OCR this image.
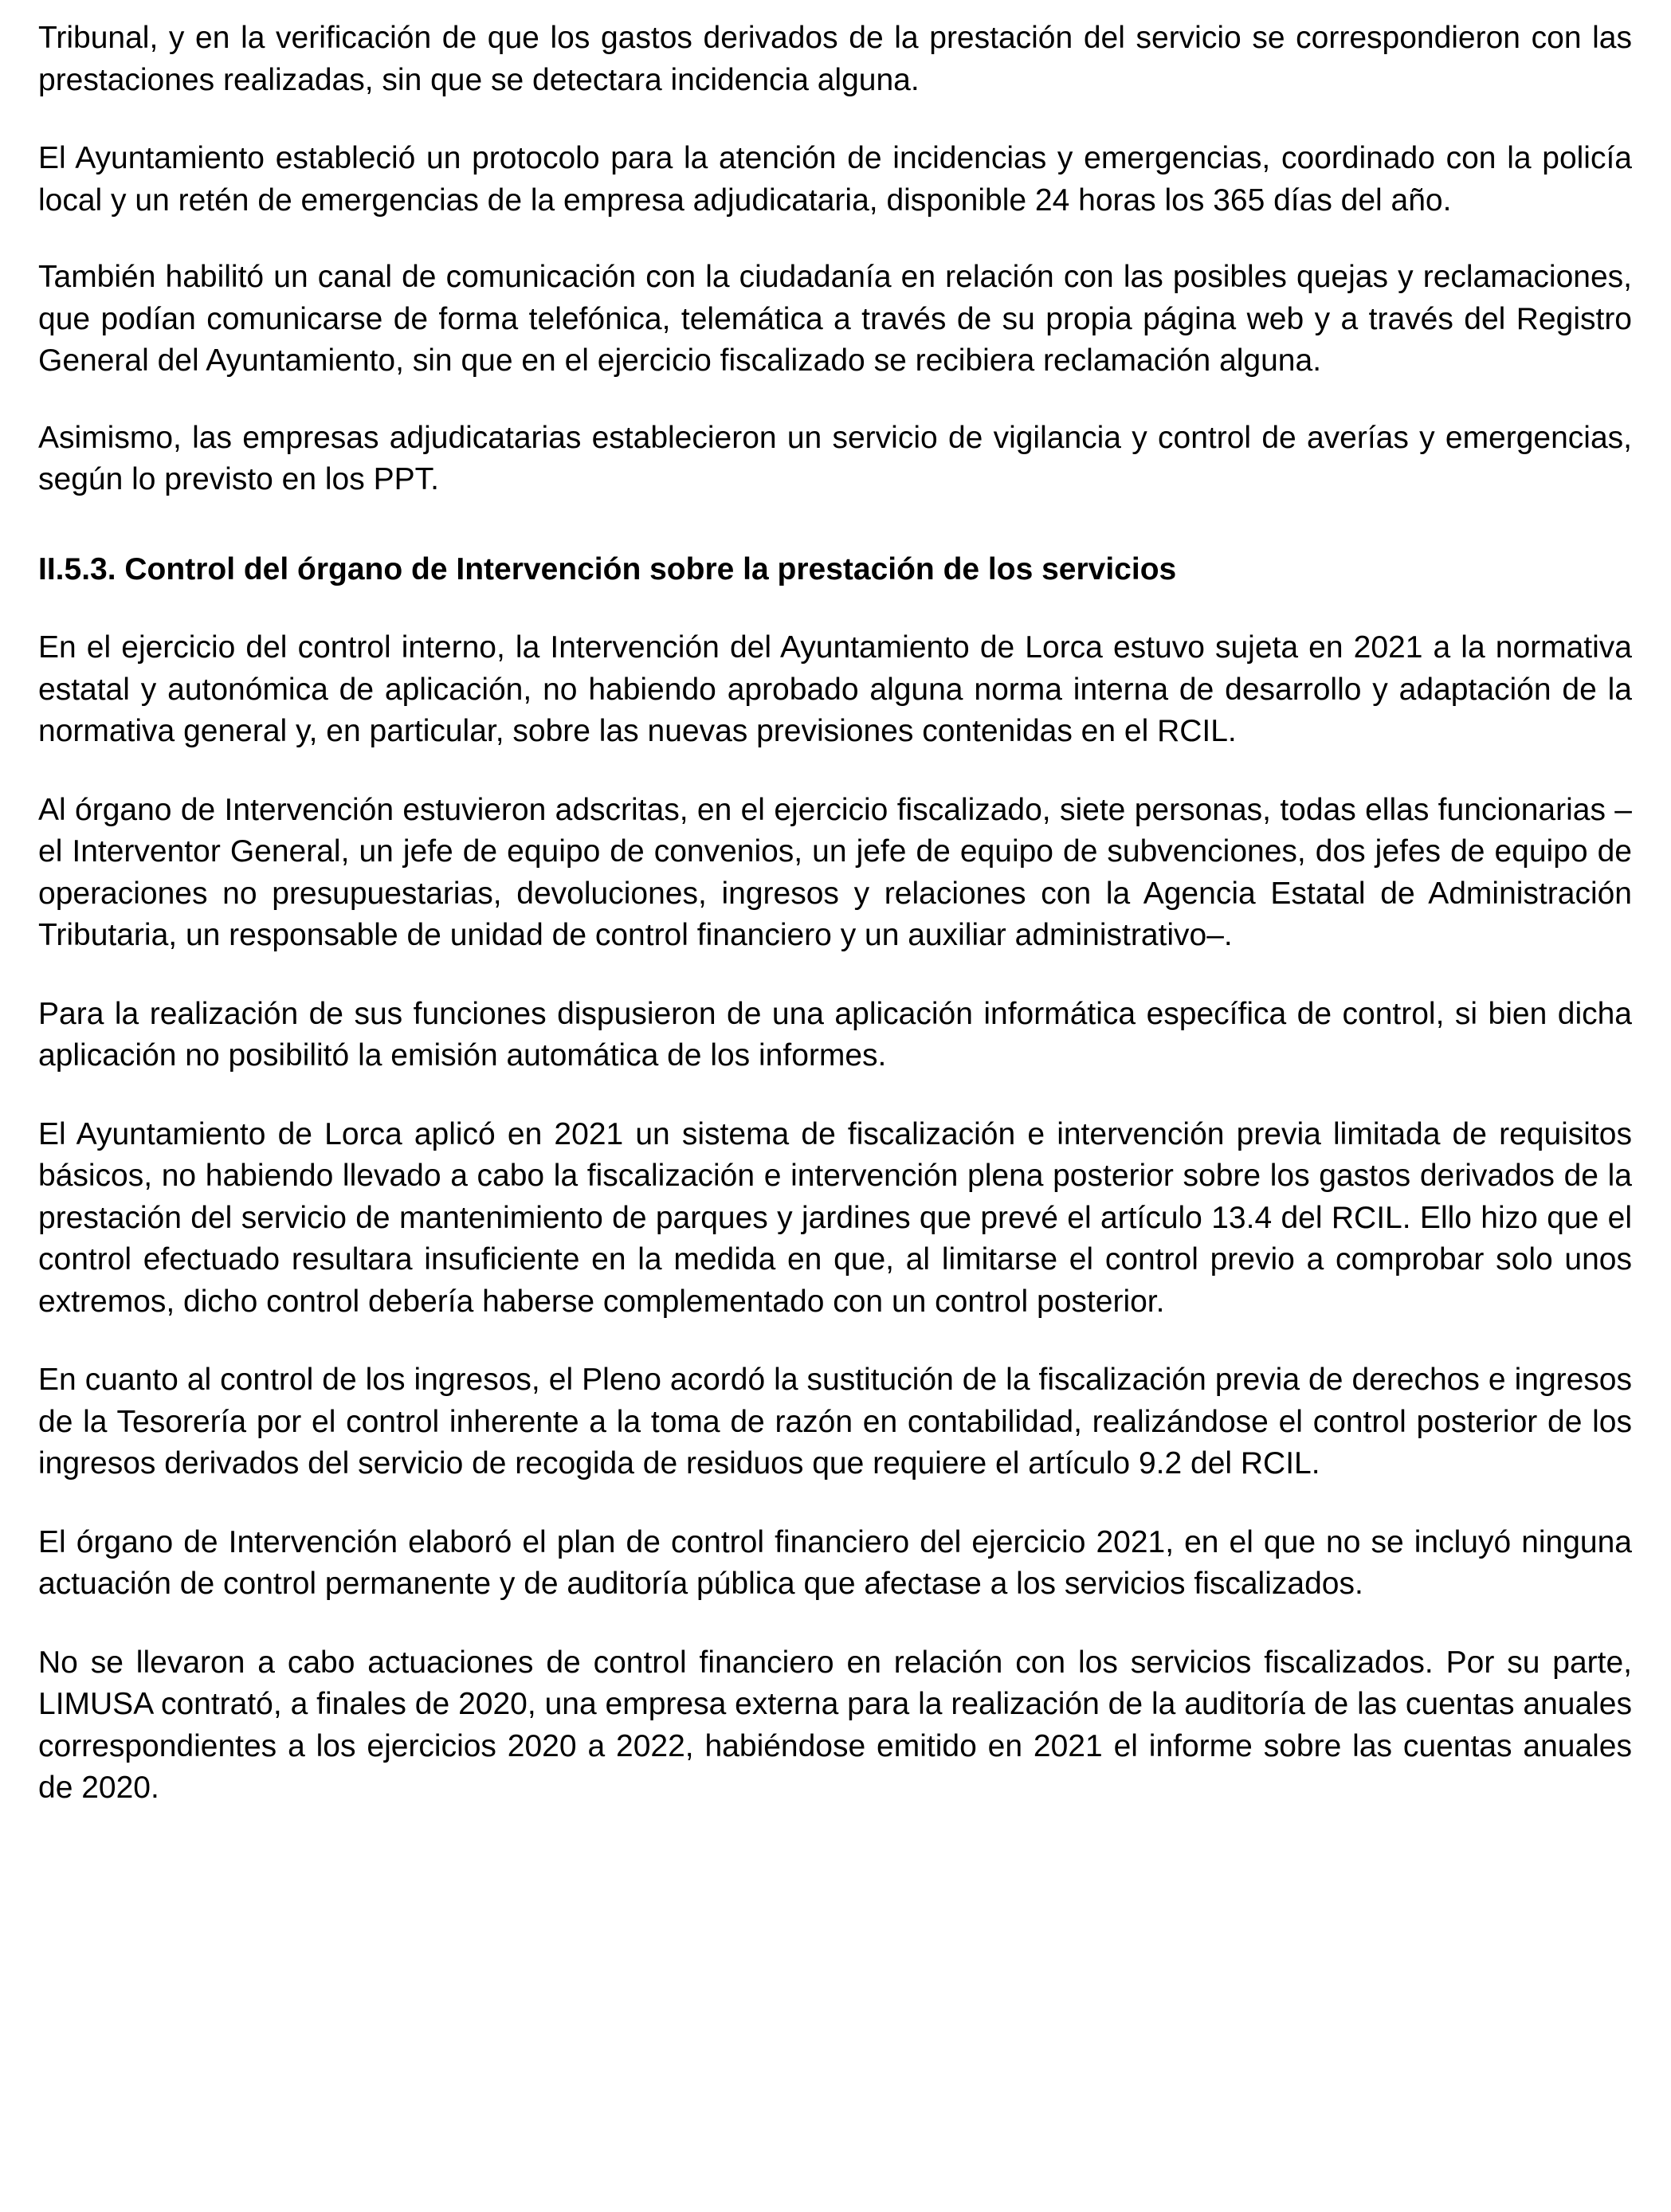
Tribunal, y en la verificación de que los gastos derivados de la prestación del servicio se correspondieron con las prestaciones realizadas, sin que se detectara incidencia alguna.

El Ayuntamiento estableció un protocolo para la atención de incidencias y emergencias, coordinado con la policía local y un retén de emergencias de la empresa adjudicataria, disponible 24 horas los 365 días del año.

También habilitó un canal de comunicación con la ciudadanía en relación con las posibles quejas y reclamaciones, que podían comunicarse de forma telefónica, telemática a través de su propia página web y a través del Registro General del Ayuntamiento, sin que en el ejercicio fiscalizado se recibiera reclamación alguna.

Asimismo, las empresas adjudicatarias establecieron un servicio de vigilancia y control de averías y emergencias, según lo previsto en los PPT.

II.5.3. Control del órgano de Intervención sobre la prestación de los servicios

En el ejercicio del control interno, la Intervención del Ayuntamiento de Lorca estuvo sujeta en 2021 a la normativa estatal y autonómica de aplicación, no habiendo aprobado alguna norma interna de desarrollo y adaptación de la normativa general y, en particular, sobre las nuevas previsiones contenidas en el RCIL.

Al órgano de Intervención estuvieron adscritas, en el ejercicio fiscalizado, siete personas, todas ellas funcionarias –el Interventor General, un jefe de equipo de convenios, un jefe de equipo de subvenciones, dos jefes de equipo de operaciones no presupuestarias, devoluciones, ingresos y relaciones con la Agencia Estatal de Administración Tributaria, un responsable de unidad de control financiero y un auxiliar administrativo–.

Para la realización de sus funciones dispusieron de una aplicación informática específica de control, si bien dicha aplicación no posibilitó la emisión automática de los informes.

El Ayuntamiento de Lorca aplicó en 2021 un sistema de fiscalización e intervención previa limitada de requisitos básicos, no habiendo llevado a cabo la fiscalización e intervención plena posterior sobre los gastos derivados de la prestación del servicio de mantenimiento de parques y jardines que prevé el artículo 13.4 del RCIL. Ello hizo que el control efectuado resultara insuficiente en la medida en que, al limitarse el control previo a comprobar solo unos extremos, dicho control debería haberse complementado con un control posterior.

En cuanto al control de los ingresos, el Pleno acordó la sustitución de la fiscalización previa de derechos e ingresos de la Tesorería por el control inherente a la toma de razón en contabilidad, realizándose el control posterior de los ingresos derivados del servicio de recogida de residuos que requiere el artículo 9.2 del RCIL.

El órgano de Intervención elaboró el plan de control financiero del ejercicio 2021, en el que no se incluyó ninguna actuación de control permanente y de auditoría pública que afectase a los servicios fiscalizados.

No se llevaron a cabo actuaciones de control financiero en relación con los servicios fiscalizados. Por su parte, LIMUSA contrató, a finales de 2020, una empresa externa para la realización de la auditoría de las cuentas anuales correspondientes a los ejercicios 2020 a 2022, habiéndose emitido en 2021 el informe sobre las cuentas anuales de 2020.
